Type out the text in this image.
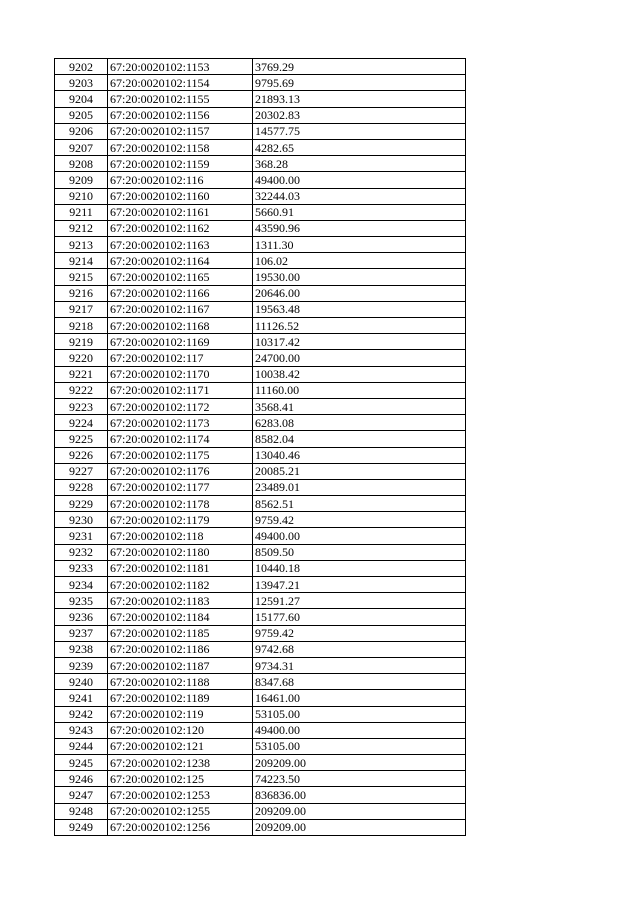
9202	67:20:0020102:1153	3769.29
9203	67:20:0020102:1154	9795.69
9204	67:20:0020102:1155	21893.13
9205	67:20:0020102:1156	20302.83
9206	67:20:0020102:1157	14577.75
9207	67:20:0020102:1158	4282.65
9208	67:20:0020102:1159	368.28
9209	67:20:0020102:116	49400.00
9210	67:20:0020102:1160	32244.03
9211	67:20:0020102:1161	5660.91
9212	67:20:0020102:1162	43590.96
9213	67:20:0020102:1163	1311.30
9214	67:20:0020102:1164	106.02
9215	67:20:0020102:1165	19530.00
9216	67:20:0020102:1166	20646.00
9217	67:20:0020102:1167	19563.48
9218	67:20:0020102:1168	11126.52
9219	67:20:0020102:1169	10317.42
9220	67:20:0020102:117	24700.00
9221	67:20:0020102:1170	10038.42
9222	67:20:0020102:1171	11160.00
9223	67:20:0020102:1172	3568.41
9224	67:20:0020102:1173	6283.08
9225	67:20:0020102:1174	8582.04
9226	67:20:0020102:1175	13040.46
9227	67:20:0020102:1176	20085.21
9228	67:20:0020102:1177	23489.01
9229	67:20:0020102:1178	8562.51
9230	67:20:0020102:1179	9759.42
9231	67:20:0020102:118	49400.00
9232	67:20:0020102:1180	8509.50
9233	67:20:0020102:1181	10440.18
9234	67:20:0020102:1182	13947.21
9235	67:20:0020102:1183	12591.27
9236	67:20:0020102:1184	15177.60
9237	67:20:0020102:1185	9759.42
9238	67:20:0020102:1186	9742.68
9239	67:20:0020102:1187	9734.31
9240	67:20:0020102:1188	8347.68
9241	67:20:0020102:1189	16461.00
9242	67:20:0020102:119	53105.00
9243	67:20:0020102:120	49400.00
9244	67:20:0020102:121	53105.00
9245	67:20:0020102:1238	209209.00
9246	67:20:0020102:125	74223.50
9247	67:20:0020102:1253	836836.00
9248	67:20:0020102:1255	209209.00
9249	67:20:0020102:1256	209209.00
